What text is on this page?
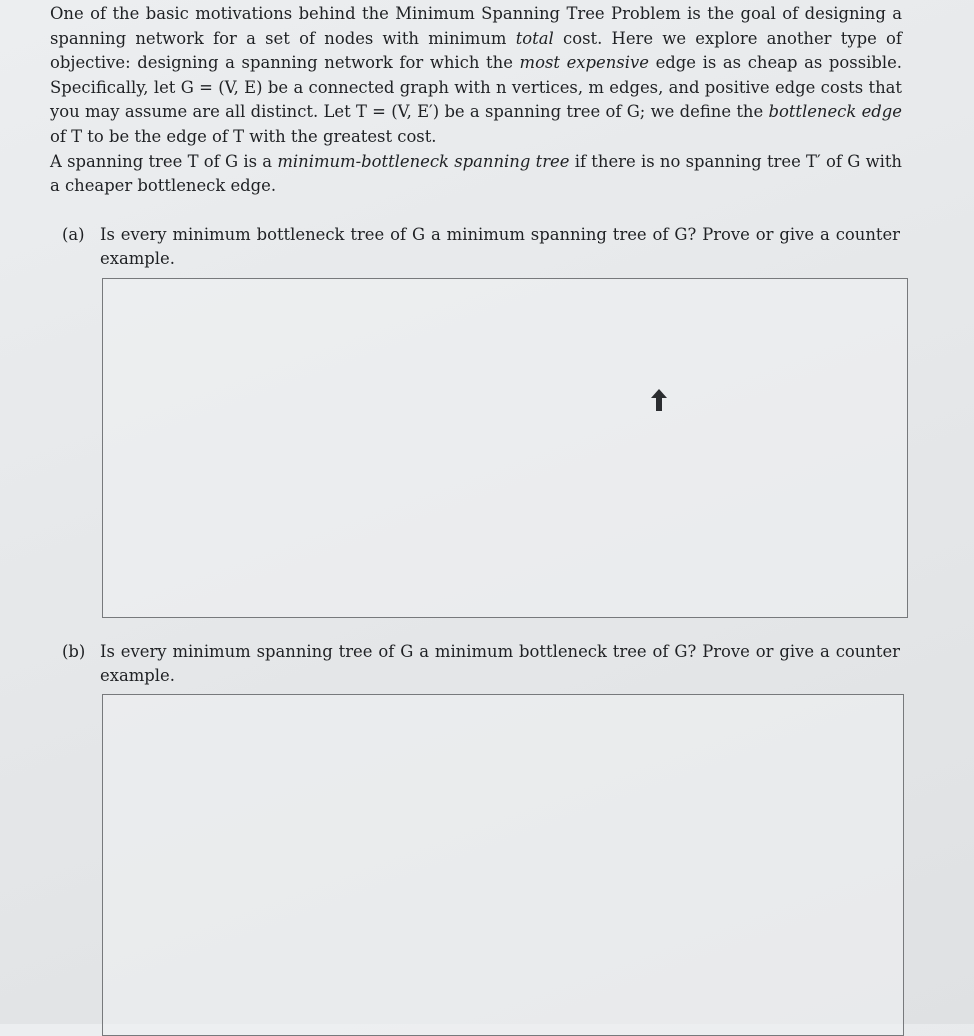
One of the basic motivations behind the Minimum Spanning Tree Problem is the goal of designing a spanning network for a set of nodes with minimum total cost. Here we explore another type of objective: designing a spanning network for which the most expensive edge is as cheap as possible. Specifically, let G = (V, E) be a connected graph with n vertices, m edges, and positive edge costs that you may assume are all distinct. Let T = (V, E′) be a spanning tree of G; we define the bottleneck edge of T to be the edge of T with the greatest cost.

A spanning tree T of G is a minimum-bottleneck spanning tree if there is no spanning tree T′ of G with a cheaper bottleneck edge.

(a) Is every minimum bottleneck tree of G a minimum spanning tree of G? Prove or give a counter example.
(b) Is every minimum spanning tree of G a minimum bottleneck tree of G? Prove or give a counter example.
